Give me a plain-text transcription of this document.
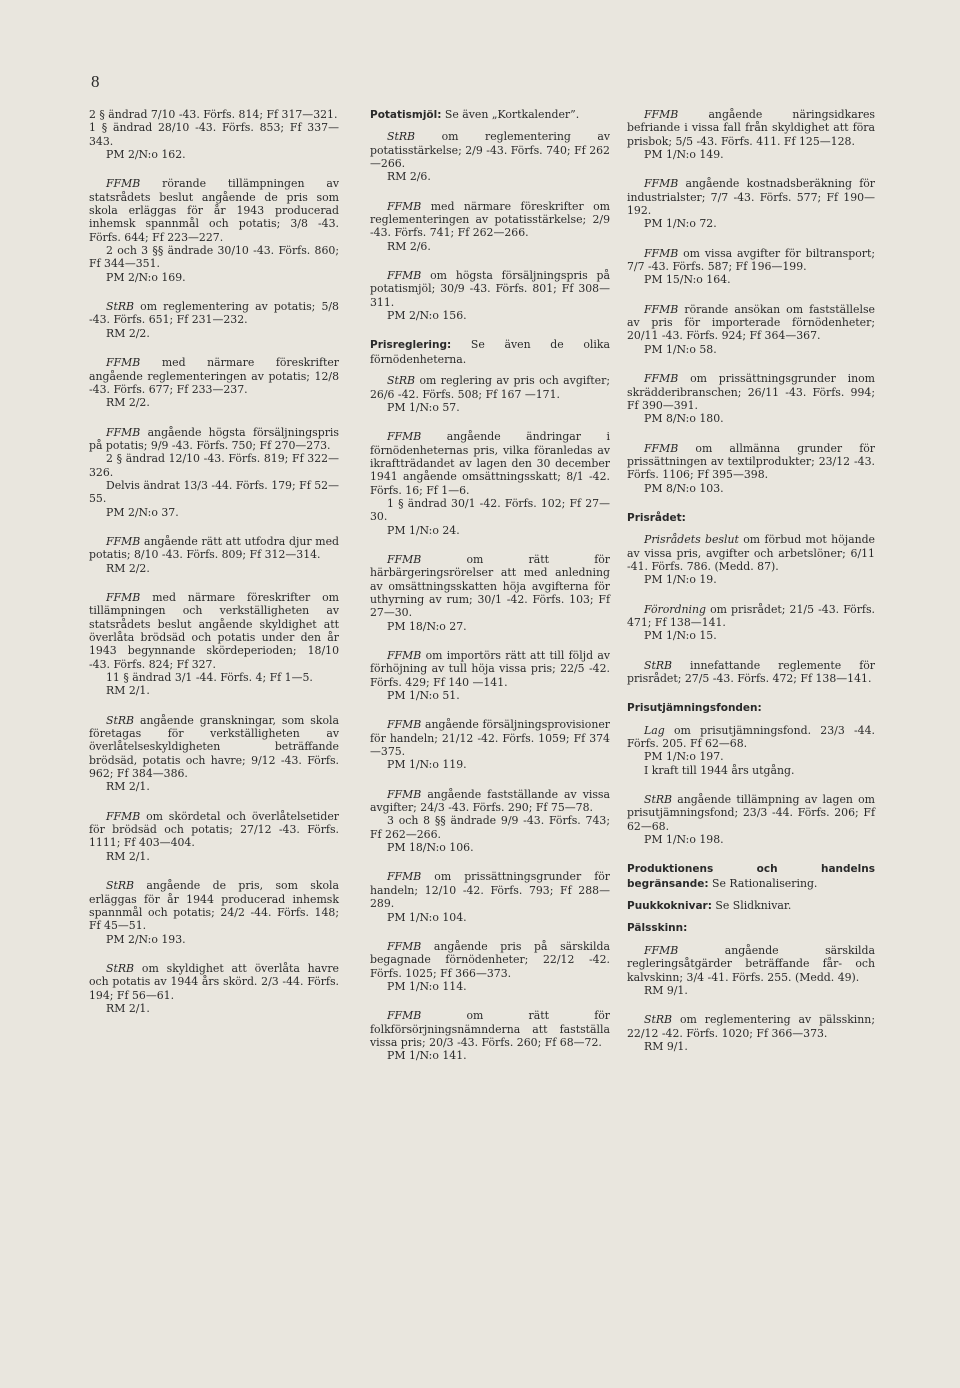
8

2 § ändrad 7/10 -43. Förfs. 814; Ff 317—321.

1 § ändrad 28/10 -43. Förfs. 853; Ff 337—343.

PM 2/N:o 162.

FFMB rörande tillämpningen av statsrådets beslut angående de pris som skola erläggas för år 1943 producerad inhemsk spannmål och potatis; 3/8 -43. Förfs. 644; Ff 223—227.

2 och 3 §§ ändrade 30/10 -43. Förfs. 860; Ff 344—351.

PM 2/N:o 169.

StRB om reglementering av potatis; 5/8 -43. Förfs. 651; Ff 231—232.

RM 2/2.

FFMB med närmare föreskrifter angående reglementeringen av potatis; 12/8 -43. Förfs. 677; Ff 233—237.

RM 2/2.

FFMB angående högsta försäljningspris på potatis; 9/9 -43. Förfs. 750; Ff 270—273.

2 § ändrad 12/10 -43. Förfs. 819; Ff 322—326.

Delvis ändrat 13/3 -44. Förfs. 179; Ff 52—55.

PM 2/N:o 37.

FFMB angående rätt att utfodra djur med potatis; 8/10 -43. Förfs. 809; Ff 312—314.

RM 2/2.

FFMB med närmare föreskrifter om tillämpningen och verkställigheten av statsrådets beslut angående skyldighet att överlåta brödsäd och potatis under den år 1943 begynnande skördeperioden; 18/10 -43. Förfs. 824; Ff 327.

11 § ändrad 3/1 -44. Förfs. 4; Ff 1—5.

RM 2/1.

StRB angående granskningar, som skola företagas för verkställigheten av överlåtelseskyldigheten beträffande brödsäd, potatis och havre; 9/12 -43. Förfs. 962; Ff 384—386.

RM 2/1.

FFMB om skördetal och överlåtelsetider för brödsäd och potatis; 27/12 -43. Förfs. 1111; Ff 403—404.

RM 2/1.

StRB angående de pris, som skola erläggas för år 1944 producerad inhemsk spannmål och potatis; 24/2 -44. Förfs. 148; Ff 45—51.

PM 2/N:o 193.

StRB om skyldighet att överlåta havre och potatis av 1944 års skörd. 2/3 -44. Förfs. 194; Ff 56—61.

RM 2/1.

Potatismjöl: Se även „Kortkalender”.

StRB om reglementering av potatisstärkelse; 2/9 -43. Förfs. 740; Ff 262—266.

RM 2/6.

FFMB med närmare föreskrifter om reglementeringen av potatisstärkelse; 2/9 -43. Förfs. 741; Ff 262—266.

RM 2/6.

FFMB om högsta försäljningspris på potatismjöl; 30/9 -43. Förfs. 801; Ff 308—311.

PM 2/N:o 156.

Prisreglering: Se även de olika förnödenheterna.

StRB om reglering av pris och avgifter; 26/6 -42. Förfs. 508; Ff 167 —171.

PM 1/N:o 57.

FFMB angående ändringar i förnödenheternas pris, vilka föranledas av ikraftträdandet av lagen den 30 december 1941 angående omsättningsskatt; 8/1 -42. Förfs. 16; Ff 1—6.

1 § ändrad 30/1 -42. Förfs. 102; Ff 27—30.

PM 1/N:o 24.

FFMB	om rätt för härbärgeringsrörelser att med anledning av omsättningsskatten höja avgifterna för uthyrning av rum; 30/1 -42. Förfs. 103; Ff 27—30.

PM 18/N:o 27.

FFMB om importörs rätt att till följd av förhöjning av tull höja vissa pris; 22/5 -42. Förfs. 429; Ff 140 —141.

PM 1/N:o 51.

FFMB angående försäljningsprovisioner för handeln; 21/12 -42. Förfs. 1059; Ff 374—375.

PM 1/N:o 119.

FFMB angående fastställande av vissa avgifter; 24/3 -43. Förfs. 290; Ff 75—78.

3 och 8 §§ ändrade 9/9 -43. Förfs. 743; Ff 262—266.

PM 18/N:o 106.

FFMB om prissättningsgrunder för handeln; 12/10 -42. Förfs. 793; Ff 288—289.

PM 1/N:o 104.

FFMB angående pris på särskilda begagnade förnödenheter; 22/12 -42. Förfs. 1025; Ff 366—373.

PM 1/N:o 114.

FFMB	om rätt för folkförsörjningsnämnderna att fastställa vissa pris; 20/3 -43. Förfs. 260; Ff 68—72.

PM 1/N:o 141.

FFMB	angående näringsidkares befriande i vissa fall från skyldighet att föra prisbok; 5/5 -43. Förfs. 411. Ff 125—128.

PM 1/N:o 149.

FFMB angående kostnadsberäkning för industrialster; 7/7 -43. Förfs. 577; Ff 190—192.

PM 1/N:o 72.

FFMB om vissa avgifter för biltransport; 7/7 -43. Förfs. 587; Ff 196—199.

PM 15/N:o 164.

FFMB rörande ansökan om fastställelse av pris för importerade förnödenheter; 20/11 -43. Förfs. 924; Ff 364—367.

PM 1/N:o 58.

FFMB om prissättningsgrunder inom skrädderibranschen; 26/11 -43. Förfs. 994; Ff 390—391.

PM 8/N:o 180.

FFMB om allmänna grunder för prissättningen av textilprodukter; 23/12 -43. Förfs. 1106; Ff 395—398.

PM 8/N:o 103.

Prisrådet:

Prisrådets beslut om förbud mot höjande av vissa pris, avgifter och arbetslöner; 6/11 -41. Förfs. 786. (Medd. 87).

PM 1/N:o 19.

Förordning om prisrådet; 21/5 -43. Förfs. 471; Ff 138—141.

PM 1/N:o 15.

StRB innefattande reglemente för prisrådet; 27/5 -43. Förfs. 472; Ff 138—141.

Prisutjämningsfonden:

Lag om prisutjämningsfond. 23/3 -44. Förfs. 205. Ff 62—68.

PM 1/N:o 197.

I kraft till 1944 års utgång.

StRB angående tillämpning av lagen om prisutjämningsfond; 23/3 -44. Förfs. 206; Ff 62—68.

PM 1/N:o 198.

Produktionens och handelns begränsande: Se Rationalisering.

Puukkoknivar: Se Slidknivar.

Pälsskinn:

FFMB	angående särskilda regleringsåtgärder beträffande får- och kalvskinn; 3/4 -41. Förfs. 255. (Medd. 49).

RM 9/1.

StRB om reglementering av pälsskinn; 22/12 -42. Förfs. 1020; Ff 366—373.

RM 9/1.
